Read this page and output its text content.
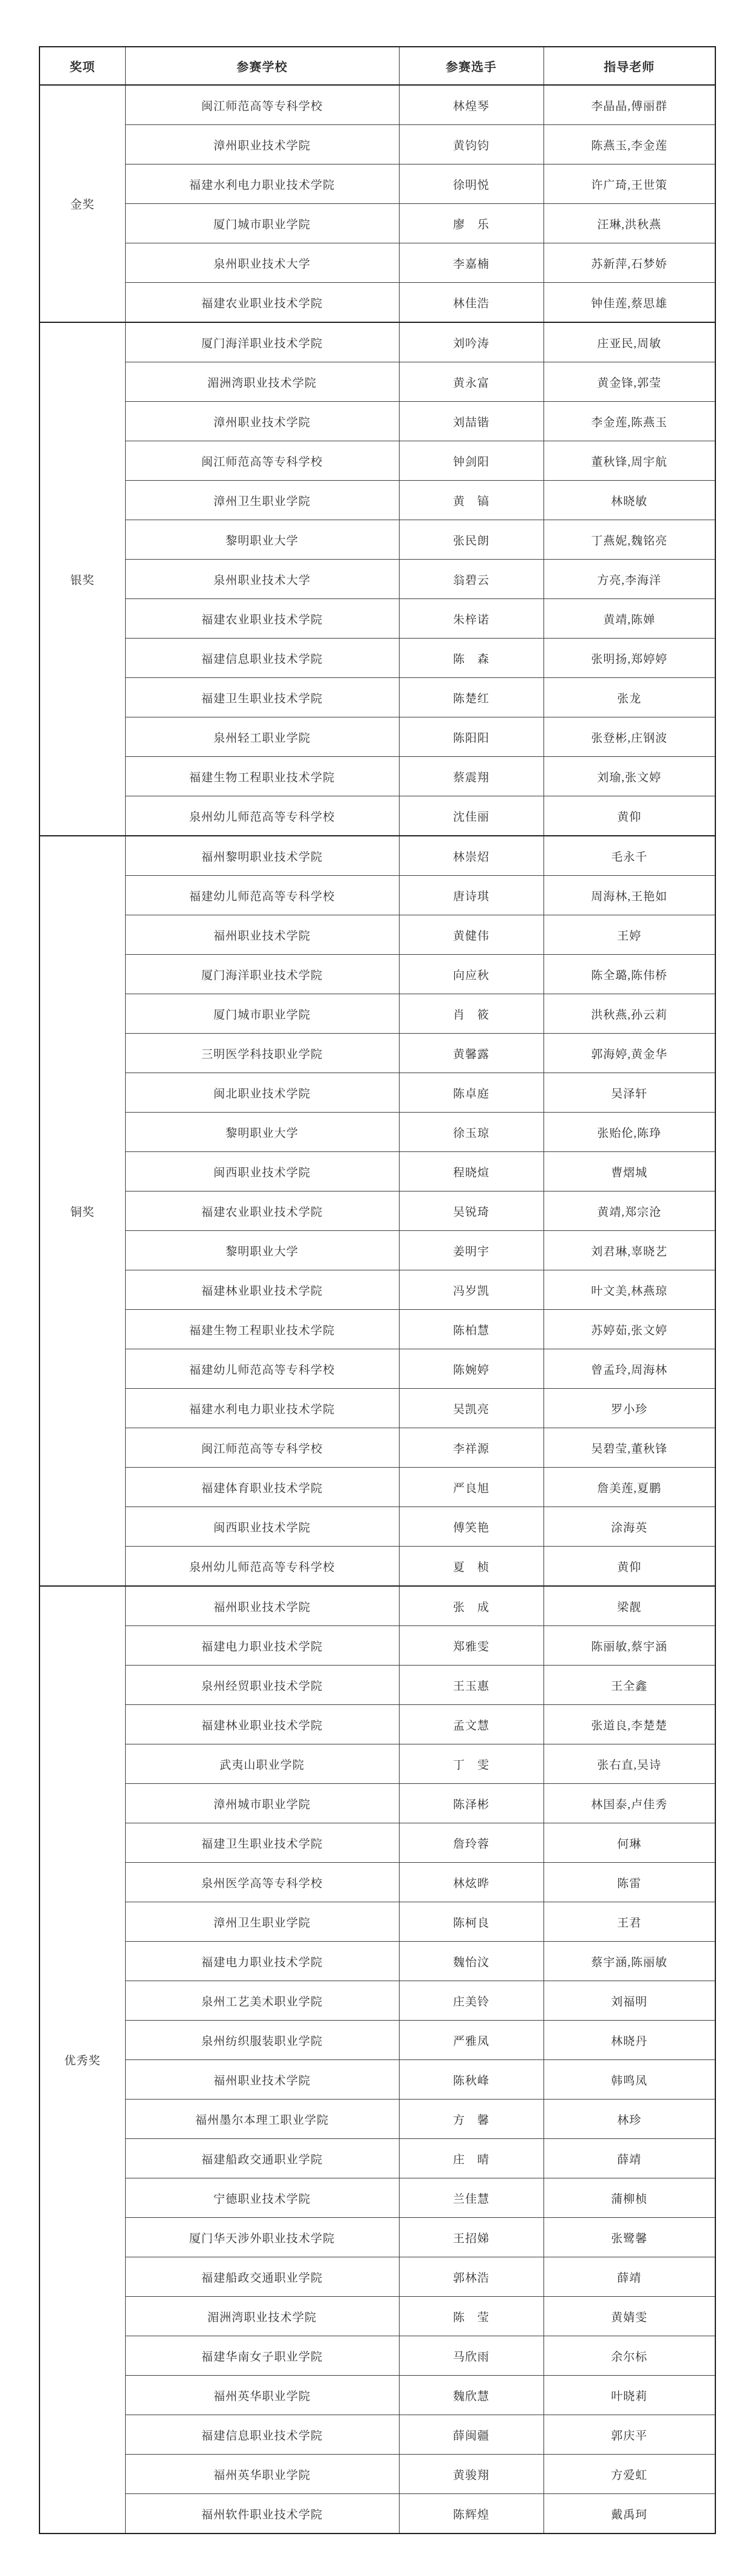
奖项	参赛学校	参赛选手	指导老师
金奖	闽江师范高等专科学校	林煌琴	李晶晶,傅丽群
	漳州职业技术学院	黄钧钧	陈燕玉,李金莲
	福建水利电力职业技术学院	徐明悦	许广琦,王世策
	厦门城市职业学院	廖　乐	汪琳,洪秋燕
	泉州职业技术大学	李嘉楠	苏新萍,石梦娇
	福建农业职业技术学院	林佳浩	钟佳莲,蔡思雄
银奖	厦门海洋职业技术学院	刘吟涛	庄亚民,周敏
	湄洲湾职业技术学院	黄永富	黄金锋,郭莹
	漳州职业技术学院	刘喆锴	李金莲,陈燕玉
	闽江师范高等专科学校	钟剑阳	董秋锋,周宇航
	漳州卫生职业学院	黄　镐	林晓敏
	黎明职业大学	张民朗	丁燕妮,魏铭亮
	泉州职业技术大学	翁碧云	方亮,李海洋
	福建农业职业技术学院	朱梓诺	黄靖,陈婵
	福建信息职业技术学院	陈　森	张明扬,郑婷婷
	福建卫生职业技术学院	陈楚红	张龙
	泉州轻工职业学院	陈阳阳	张登彬,庄钢波
	福建生物工程职业技术学院	蔡震翔	刘瑜,张文婷
	泉州幼儿师范高等专科学校	沈佳丽	黄仰
铜奖	福州黎明职业技术学院	林崇炤	毛永千
	福建幼儿师范高等专科学校	唐诗琪	周海林,王艳如
	福州职业技术学院	黄健伟	王婷
	厦门海洋职业技术学院	向应秋	陈全璐,陈伟桥
	厦门城市职业学院	肖　筱	洪秋燕,孙云莉
	三明医学科技职业学院	黄馨露	郭海婷,黄金华
	闽北职业技术学院	陈卓庭	吴泽轩
	黎明职业大学	徐玉琼	张贻伦,陈琤
	闽西职业技术学院	程晓煊	曹熠城
	福建农业职业技术学院	吴锐琦	黄靖,郑宗沧
	黎明职业大学	姜明宇	刘君琳,辜晓艺
	福建林业职业技术学院	冯岁凯	叶文美,林燕琼
	福建生物工程职业技术学院	陈柏慧	苏婷茹,张文婷
	福建幼儿师范高等专科学校	陈婉婷	曾孟玲,周海林
	福建水利电力职业技术学院	吴凯亮	罗小珍
	闽江师范高等专科学校	李祥源	吴碧莹,董秋锋
	福建体育职业技术学院	严良旭	詹美莲,夏鹏
	闽西职业技术学院	傅笑艳	涂海英
	泉州幼儿师范高等专科学校	夏　桢	黄仰
优秀奖	福州职业技术学院	张　成	梁靓
	福建电力职业技术学院	郑雅雯	陈丽敏,蔡宇涵
	泉州经贸职业技术学院	王玉惠	王全鑫
	福建林业职业技术学院	孟文慧	张道良,李楚楚
	武夷山职业学院	丁　雯	张右直,吴诗
	漳州城市职业学院	陈泽彬	林国泰,卢佳秀
	福建卫生职业技术学院	詹玲蓉	何琳
	泉州医学高等专科学校	林炫晔	陈雷
	漳州卫生职业学院	陈柯良	王君
	福建电力职业技术学院	魏怡汶	蔡宇涵,陈丽敏
	泉州工艺美术职业学院	庄美铃	刘福明
	泉州纺织服装职业学院	严雅凤	林晓丹
	福州职业技术学院	陈秋峰	韩鸣凤
	福州墨尔本理工职业学院	方　馨	林珍
	福建船政交通职业学院	庄　晴	薛靖
	宁德职业技术学院	兰佳慧	蒲柳桢
	厦门华天涉外职业技术学院	王招娣	张鹭馨
	福建船政交通职业学院	郭林浩	薛靖
	湄洲湾职业技术学院	陈　莹	黄婧雯
	福建华南女子职业学院	马欣雨	余尔标
	福州英华职业学院	魏欣慧	叶晓莉
	福建信息职业技术学院	薛闽疆	郭庆平
	福州英华职业学院	黄骏翔	方爱虹
	福州软件职业技术学院	陈辉煌	戴禹珂
